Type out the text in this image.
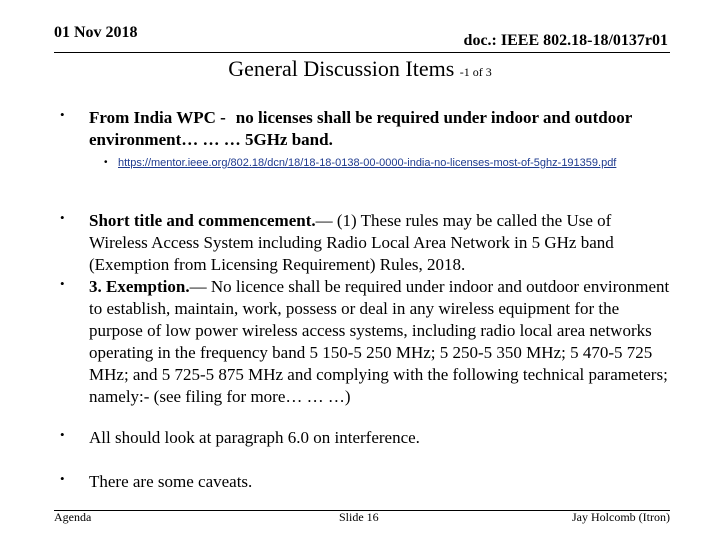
01 Nov 2018	doc.: IEEE 802.18-18/0137r01
General Discussion Items -1 of 3
• From India WPC - no licenses shall be required under indoor and outdoor environment… … … 5GHz band.
• https://mentor.ieee.org/802.18/dcn/18/18-18-0138-00-0000-india-no-licenses-most-of-5ghz-191359.pdf
• Short title and commencement.— (1) These rules may be called the Use of Wireless Access System including Radio Local Area Network in 5 GHz band (Exemption from Licensing Requirement) Rules, 2018.
• 3. Exemption.— No licence shall be required under indoor and outdoor environment to establish, maintain, work, possess or deal in any wireless equipment for the purpose of low power wireless access systems, including radio local area networks operating in the frequency band 5 150-5 250 MHz; 5 250-5 350 MHz; 5 470-5 725 MHz; and 5 725-5 875 MHz and complying with the following technical parameters; namely:- (see filing for more… … …)
• All should look at paragraph 6.0 on interference.
• There are some caveats.
Agenda	Slide 16	Jay Holcomb (Itron)
